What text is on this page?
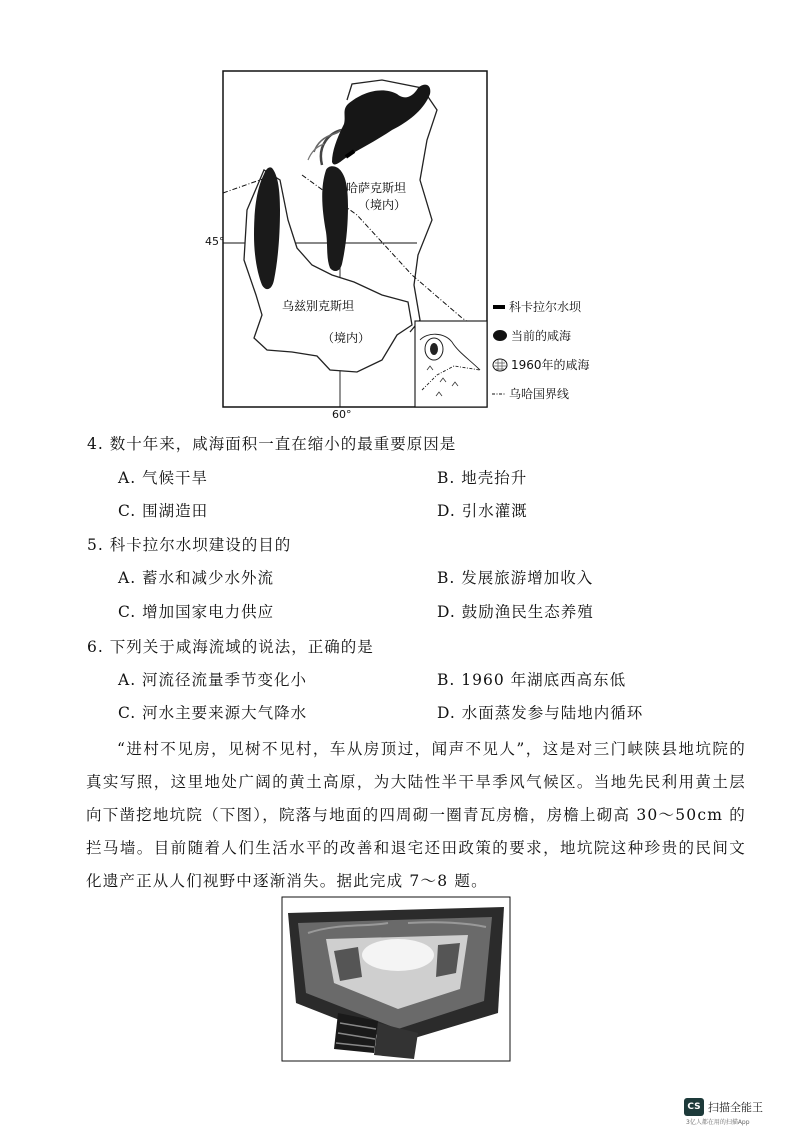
哈萨克斯坦
（境内）
乌兹别克斯坦
（境内）
45°
60°
科卡拉尔水坝
当前的咸海
1960年的咸海
乌哈国界线
4. 数十年来，咸海面积一直在缩小的最重要原因是
A. 气候干旱	B. 地壳抬升
C. 围湖造田	D. 引水灌溉
5. 科卡拉尔水坝建设的目的
A. 蓄水和减少水外流	B. 发展旅游增加收入
C. 增加国家电力供应	D. 鼓励渔民生态养殖
6. 下列关于咸海流域的说法，正确的是
A. 河流径流量季节变化小	B. 1960 年湖底西高东低
C. 河水主要来源大气降水	D. 水面蒸发参与陆地内循环
“进村不见房，见树不见村，车从房顶过，闻声不见人”，这是对三门峡陕县地坑院的真实写照，这里地处广阔的黄土高原，为大陆性半干旱季风气候区。当地先民利用黄土层向下凿挖地坑院（下图），院落与地面的四周砌一圈青瓦房檐，房檐上砌高 30～50cm 的拦马墙。目前随着人们生活水平的改善和退宅还田政策的要求，地坑院这种珍贵的民间文化遗产正从人们视野中逐渐消失。据此完成 7～8 题。
CS 扫描全能王
3亿人都在用的扫描App
